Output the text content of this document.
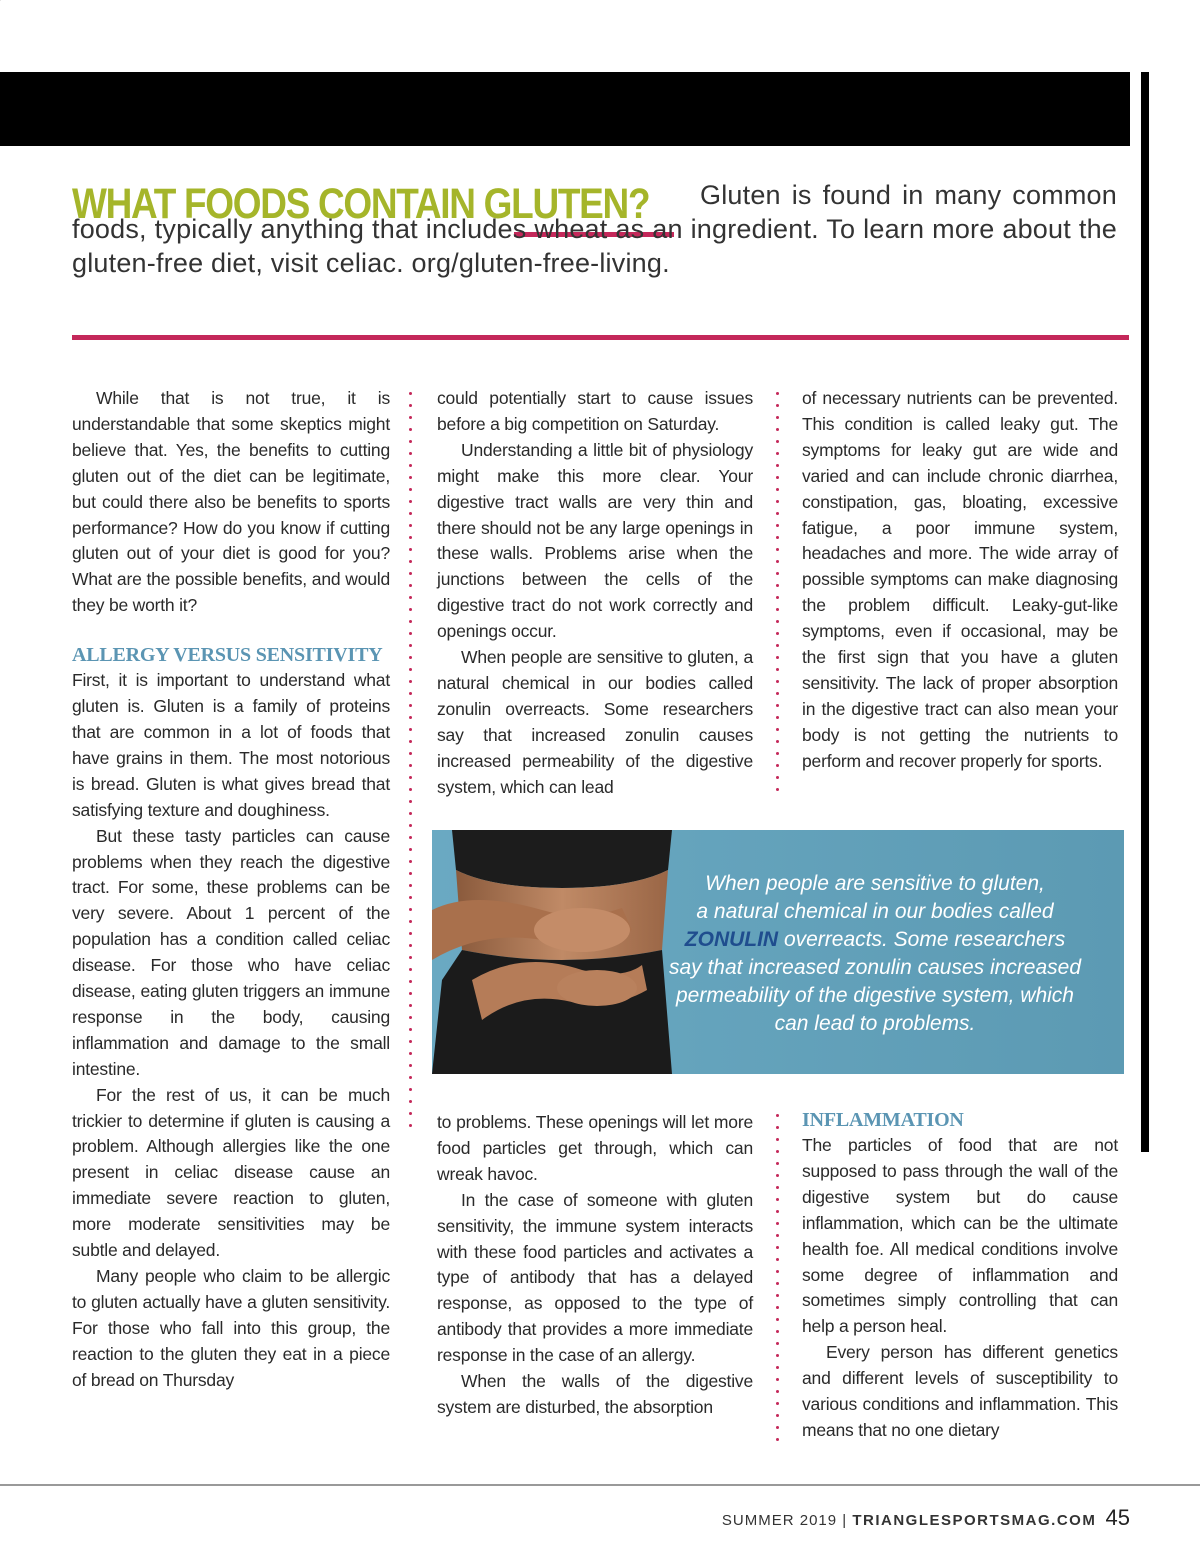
WHAT FOODS CONTAIN GLUTEN?	Gluten is found in many common foods, typically anything that includes wheat as an ingredient. To learn more about the gluten-free diet, visit celiac. org/gluten-free-living.

While that is not true, it is understandable that some skeptics might believe that. Yes, the benefits to cutting gluten out of the diet can be legitimate, but could there also be benefits to sports performance? How do you know if cutting gluten out of your diet is good for you? What are the possible benefits, and would they be worth it?

ALLERGY VERSUS SENSITIVITY

First, it is important to understand what gluten is. Gluten is a family of proteins that are common in a lot of foods that have grains in them. The most notorious is bread. Gluten is what gives bread that satisfying texture and doughiness.

But these tasty particles can cause problems when they reach the digestive tract. For some, these problems can be very severe. About 1 percent of the population has a condition called celiac disease. For those who have celiac disease, eating gluten triggers an immune response in the body, causing inflammation and damage to the small intestine.

For the rest of us, it can be much trickier to determine if gluten is causing a problem. Although allergies like the one present in celiac disease cause an immediate severe reaction to gluten, more moderate sensitivities may be subtle and delayed.

Many people who claim to be allergic to gluten actually have a gluten sensitivity. For those who fall into this group, the reaction to the gluten they eat in a piece of bread on Thursday

could potentially start to cause issues before a big competition on Saturday.

Understanding a little bit of physiology might make this more clear. Your digestive tract walls are very thin and there should not be any large openings in these walls. Problems arise when the junctions between the cells of the digestive tract do not work correctly and openings occur.

When people are sensitive to gluten, a natural chemical in our bodies called zonulin overreacts. Some researchers say that increased zonulin causes increased permeability of the digestive system, which can lead

of necessary nutrients can be prevented. This condition is called leaky gut. The symptoms for leaky gut are wide and varied and can include chronic diarrhea, constipation, gas, bloating, excessive fatigue, a poor immune system, headaches and more. The wide array of possible symptoms can make diagnosing the problem difficult. Leaky-gut-like symptoms, even if occasional, may be the first sign that you have a gluten sensitivity. The lack of proper absorption in the digestive tract can also mean your body is not getting the nutrients to perform and recover properly for sports.

When people are sensitive to gluten,
a natural chemical in our bodies called
ZONULIN overreacts. Some researchers
say that increased zonulin causes increased
permeability of the digestive system, which
can lead to problems.

to problems. These openings will let more food particles get through, which can wreak havoc.

In the case of someone with gluten sensitivity, the immune system interacts with these food particles and activates a type of antibody that has a delayed response, as opposed to the type of antibody that provides a more immediate response in the case of an allergy.

When the walls of the digestive system are disturbed, the absorption

INFLAMMATION

The particles of food that are not supposed to pass through the wall of the digestive system but do cause inflammation, which can be the ultimate health foe. All medical conditions involve some degree of inflammation and sometimes simply controlling that can help a person heal.

Every person has different genetics and different levels of susceptibility to various conditions and inflammation. This means that no one dietary

SUMMER 2019 | TRIANGLESPORTSMAG.COM 45
